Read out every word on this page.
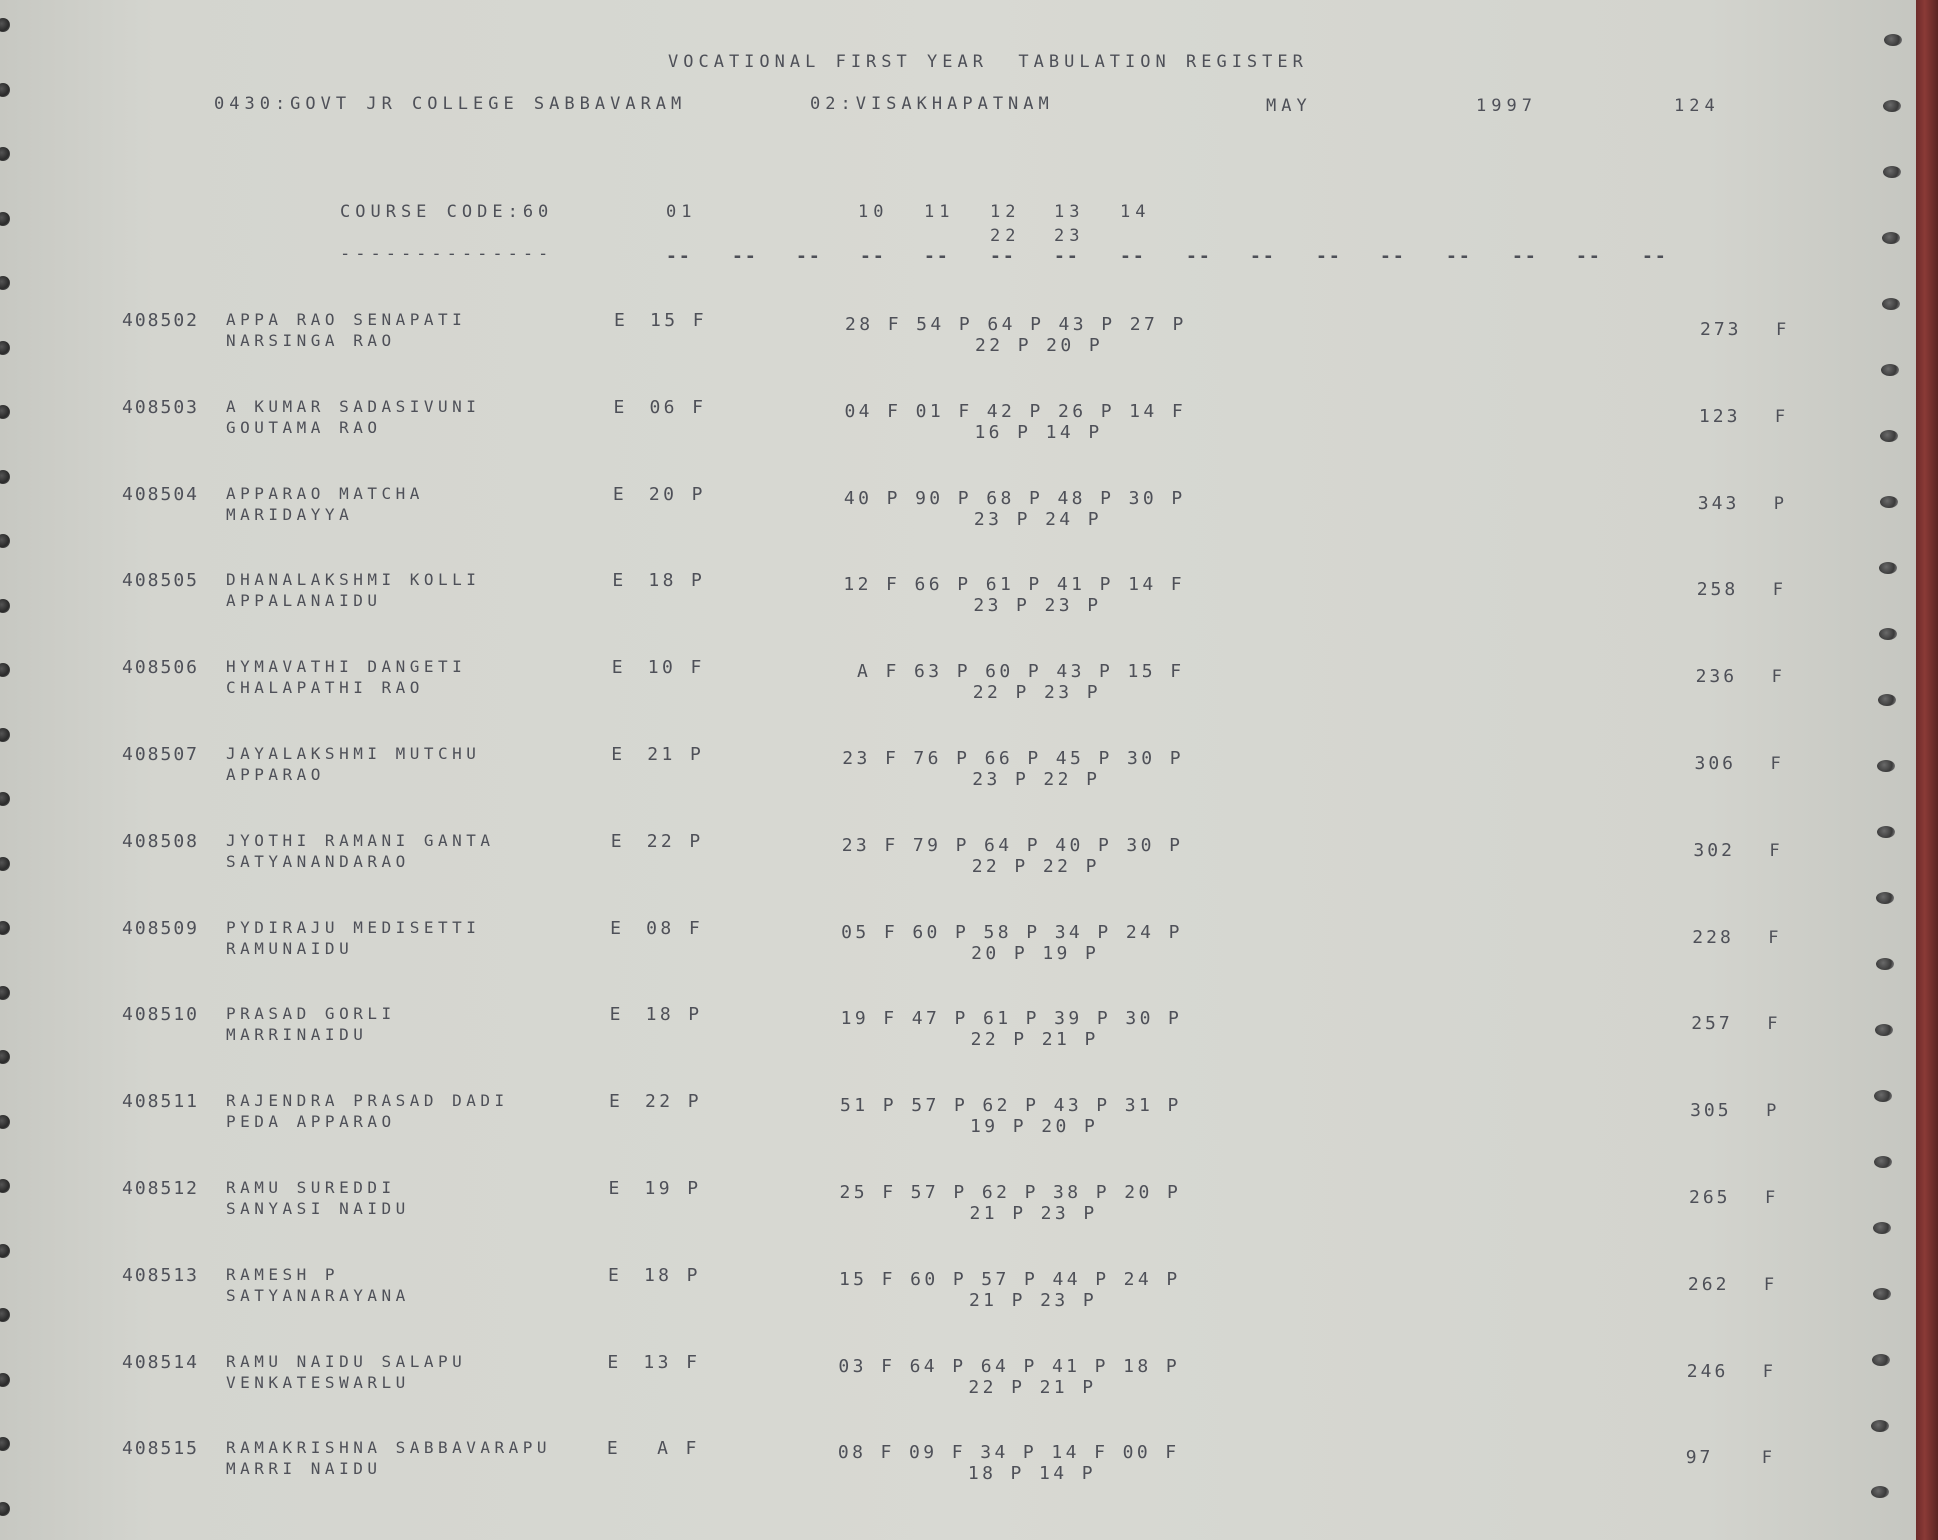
VOCATIONAL FIRST YEAR  TABULATION REGISTER
0430:GOVT JR COLLEGE SABBAVARAM	02:VISAKHAPATNAM	MAY	1997	124
COURSE CODE:60
--------------
01	10 11 12 13 14
22 23
-- -- -- -- -- -- -- -- -- -- -- -- -- -- -- --
408502 APPA RAO SENAPATI
NARSINGA RAO
E 15 F	28 F 54 P 64 P 43 P 27 P
22 P 20 P
273 F
408503 A KUMAR SADASIVUNI
GOUTAMA RAO
E 06 F	04 F 01 F 42 P 26 P 14 F
16 P 14 P
123 F
408504 APPARAO MATCHA
MARIDAYYA
E 20 P	40 P 90 P 68 P 48 P 30 P
23 P 24 P
343 P
408505 DHANALAKSHMI KOLLI
APPALANAIDU
E 18 P	12 F 66 P 61 P 41 P 14 F
23 P 23 P
258 F
408506 HYMAVATHI DANGETI
CHALAPATHI RAO
E 10 F	A F 63 P 60 P 43 P 15 F
22 P 23 P
236 F
408507 JAYALAKSHMI MUTCHU
APPARAO
E 21 P	23 F 76 P 66 P 45 P 30 P
23 P 22 P
306 F
408508 JYOTHI RAMANI GANTA
SATYANANDARAO
E 22 P	23 F 79 P 64 P 40 P 30 P
22 P 22 P
302 F
408509 PYDIRAJU MEDISETTI
RAMUNAIDU
E 08 F	05 F 60 P 58 P 34 P 24 P
20 P 19 P
228 F
408510 PRASAD GORLI
MARRINAIDU
E 18 P	19 F 47 P 61 P 39 P 30 P
22 P 21 P
257 F
408511 RAJENDRA PRASAD DADI
PEDA APPARAO
E 22 P	51 P 57 P 62 P 43 P 31 P
19 P 20 P
305 P
408512 RAMU SUREDDI
SANYASI NAIDU
E 19 P	25 F 57 P 62 P 38 P 20 P
21 P 23 P
265 F
408513 RAMESH P
SATYANARAYANA
E 18 P	15 F 60 P 57 P 44 P 24 P
21 P 23 P
262 F
408514 RAMU NAIDU SALAPU
VENKATESWARLU
E 13 F	03 F 64 P 64 P 41 P 18 P
22 P 21 P
246 F
408515 RAMAKRISHNA SABBAVARAPU
MARRI NAIDU
E A F	08 F 09 F 34 P 14 F 00 F
18 P 14 P
97	F
